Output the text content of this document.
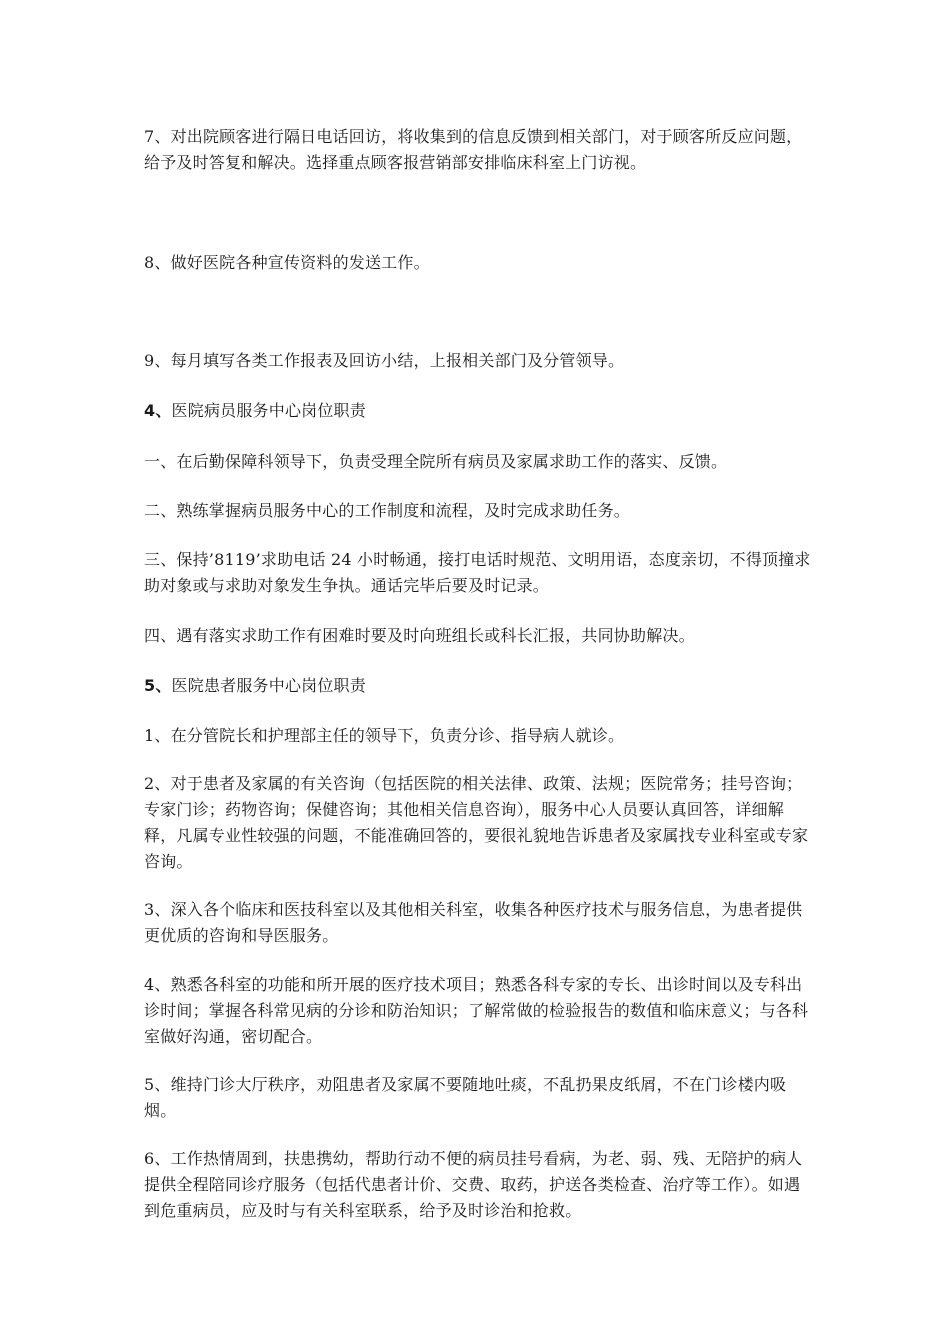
7、对出院顾客进行隔日电话回访，将收集到的信息反馈到相关部门，对于顾客所反应问题，给予及时答复和解决。选择重点顾客报营销部安排临床科室上门访视。

8、做好医院各种宣传资料的发送工作。

9、每月填写各类工作报表及回访小结，上报相关部门及分管领导。

4、医院病员服务中心岗位职责

一、在后勤保障科领导下，负责受理全院所有病员及家属求助工作的落实、反馈。

二、熟练掌握病员服务中心的工作制度和流程，及时完成求助任务。

三、保持’8119’求助电话 24 小时畅通，接打电话时规范、文明用语，态度亲切，不得顶撞求助对象或与求助对象发生争执。通话完毕后要及时记录。

四、遇有落实求助工作有困难时要及时向班组长或科长汇报，共同协助解决。

5、医院患者服务中心岗位职责

1、在分管院长和护理部主任的领导下，负责分诊、指导病人就诊。

2、对于患者及家属的有关咨询（包括医院的相关法律、政策、法规；医院常务；挂号咨询；专家门诊；药物咨询；保健咨询；其他相关信息咨询），服务中心人员要认真回答，详细解释，凡属专业性较强的问题，不能准确回答的，要很礼貌地告诉患者及家属找专业科室或专家咨询。

3、深入各个临床和医技科室以及其他相关科室，收集各种医疗技术与服务信息，为患者提供更优质的咨询和导医服务。

4、熟悉各科室的功能和所开展的医疗技术项目；熟悉各科专家的专长、出诊时间以及专科出诊时间；掌握各科常见病的分诊和防治知识；了解常做的检验报告的数值和临床意义；与各科室做好沟通，密切配合。

5、维持门诊大厅秩序，劝阻患者及家属不要随地吐痰，不乱扔果皮纸屑，不在门诊楼内吸烟。

6、工作热情周到，扶患携幼，帮助行动不便的病员挂号看病，为老、弱、残、无陪护的病人提供全程陪同诊疗服务（包括代患者计价、交费、取药，护送各类检查、治疗等工作）。如遇到危重病员，应及时与有关科室联系，给予及时诊治和抢救。
